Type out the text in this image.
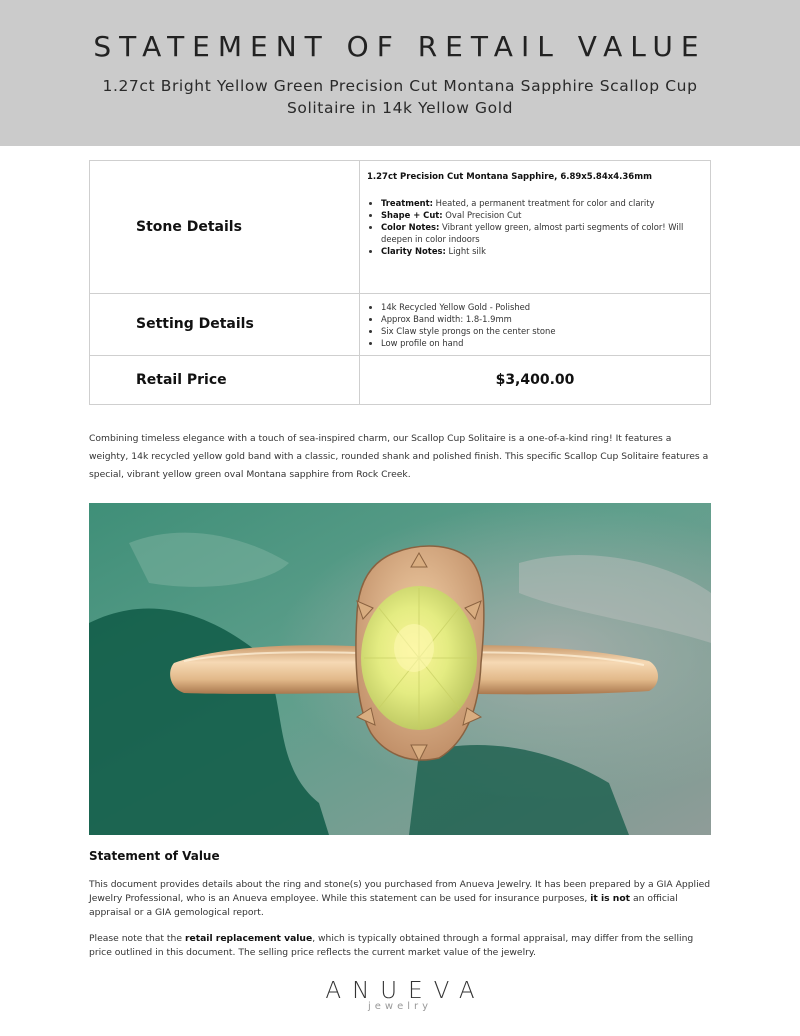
STATEMENT OF RETAIL VALUE
1.27ct Bright Yellow Green Precision Cut Montana Sapphire Scallop Cup Solitaire in 14k Yellow Gold
Stone Details
1.27ct Precision Cut Montana Sapphire, 6.89x5.84x4.36mm
• Treatment: Heated, a permanent treatment for color and clarity
• Shape + Cut: Oval Precision Cut
• Color Notes: Vibrant yellow green, almost parti segments of color! Will deepen in color indoors
• Clarity Notes: Light silk
Setting Details
• 14k Recycled Yellow Gold - Polished
• Approx Band width: 1.8-1.9mm
• Six Claw style prongs on the center stone
• Low profile on hand
Retail Price	$3,400.00
Combining timeless elegance with a touch of sea-inspired charm, our Scallop Cup Solitaire is a one-of-a-kind ring! It features a weighty, 14k recycled yellow gold band with a classic, rounded shank and polished finish. This specific Scallop Cup Solitaire features a special, vibrant yellow green oval Montana sapphire from Rock Creek.
Statement of Value
This document provides details about the ring and stone(s) you purchased from Anueva Jewelry. It has been prepared by a GIA Applied Jewelry Professional, who is an Anueva employee. While this statement can be used for insurance purposes, it is not an official appraisal or a GIA gemological report.
Please note that the retail replacement value, which is typically obtained through a formal appraisal, may differ from the selling price outlined in this document. The selling price reflects the current market value of the jewelry.
ANUEVA
jewelry
